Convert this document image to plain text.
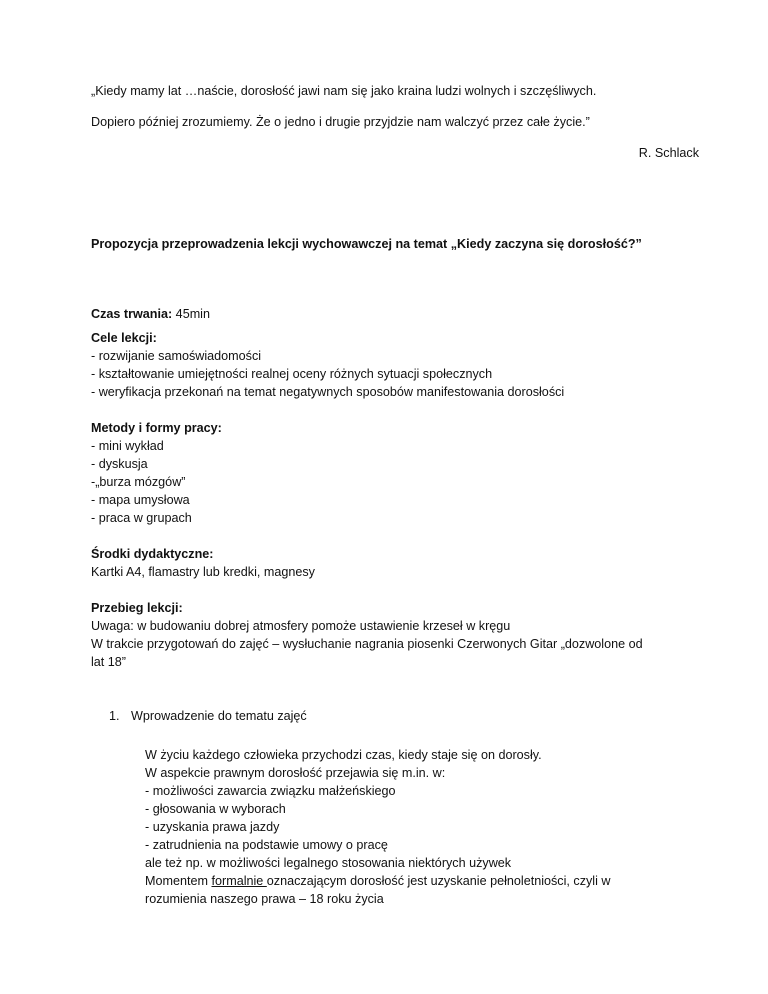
„Kiedy mamy lat …naście, dorosłość jawi nam się jako kraina ludzi wolnych i szczęśliwych.
Dopiero później zrozumiemy. Że o jedno i drugie przyjdzie nam walczyć przez całe życie.”
R. Schlack
Propozycja przeprowadzenia lekcji wychowawczej na temat „Kiedy zaczyna się dorosłość?”
Czas trwania: 45min
Cele lekcji:
- rozwijanie samoświadomości
- kształtowanie umiejętności realnej oceny różnych sytuacji społecznych
- weryfikacja przekonań na temat negatywnych sposobów manifestowania dorosłości
Metody i formy pracy:
- mini wykład
- dyskusja
-„burza mózgów”
- mapa umysłowa
- praca w grupach
Środki dydaktyczne:
Kartki A4, flamastry lub kredki, magnesy
Przebieg lekcji:
Uwaga: w budowaniu dobrej atmosfery pomoże ustawienie krzeseł w kręgu
W trakcie przygotowań do zajęć – wysłuchanie nagrania piosenki Czerwonych Gitar „dozwolone od
lat 18”
1. Wprowadzenie do tematu zajęć
W życiu każdego człowieka przychodzi czas, kiedy staje się on dorosły.
W aspekcie prawnym dorosłość przejawia się m.in. w:
- możliwości zawarcia związku małżeńskiego
- głosowania w wyborach
- uzyskania prawa jazdy
- zatrudnienia na podstawie umowy o pracę
ale też np. w możliwości legalnego stosowania niektórych używek
Momentem formalnie oznaczającym dorosłość jest uzyskanie pełnoletniości, czyli w
rozumienia naszego prawa – 18 roku życia
